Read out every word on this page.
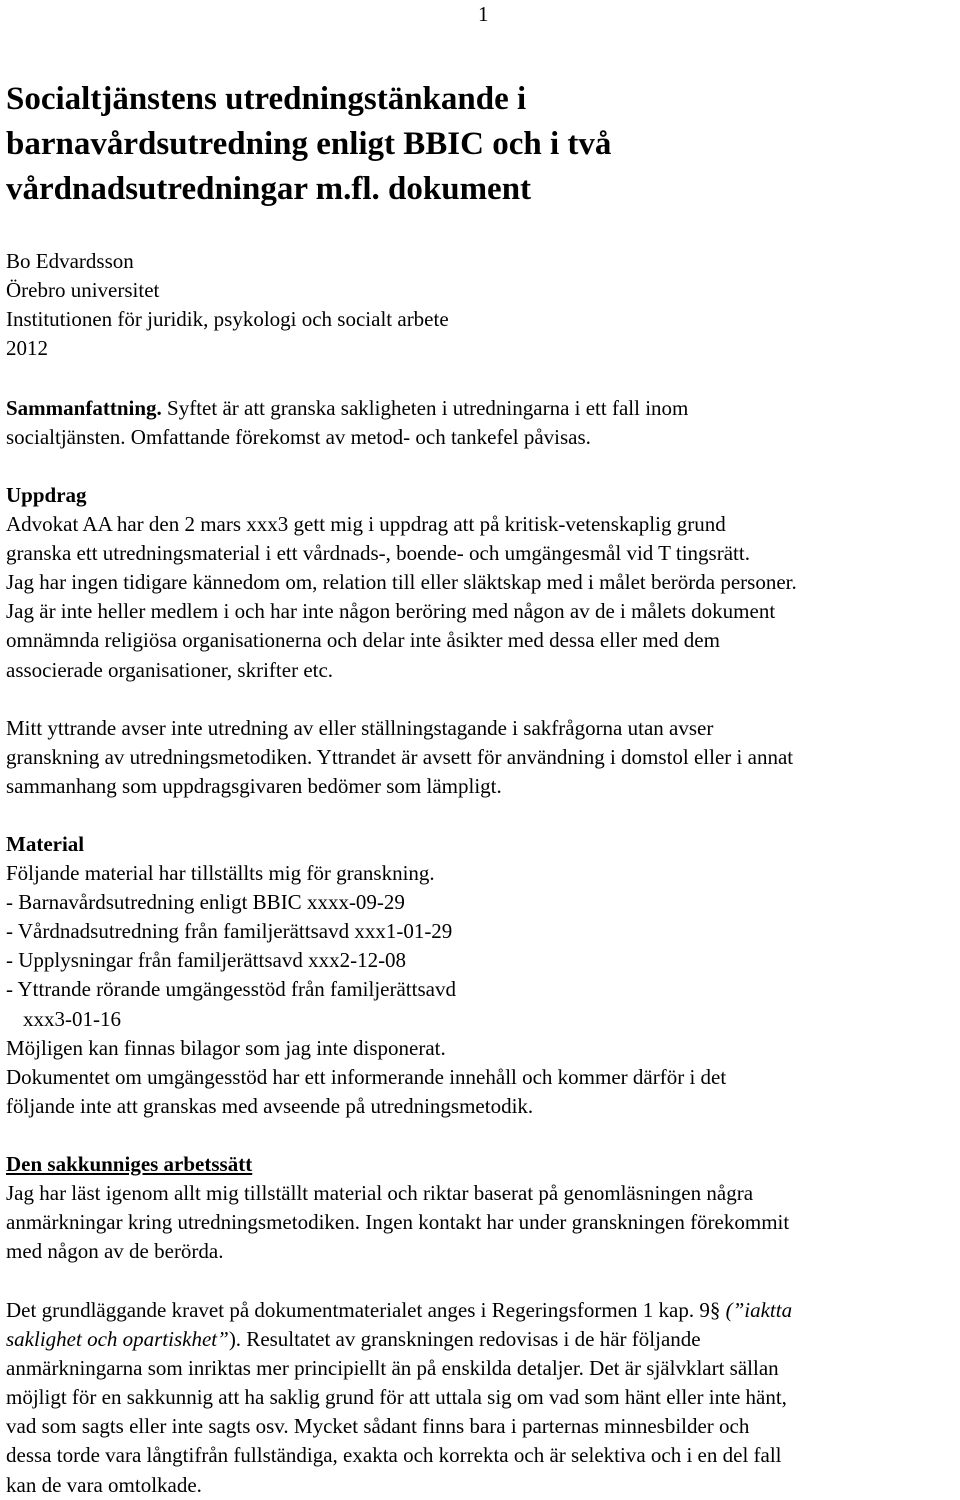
1
Socialtjänstens utredningstänkande i
barnavårdsutredning enligt BBIC och i två
vårdnadsutredningar m.fl. dokument
Bo Edvardsson
Örebro universitet
Institutionen för juridik, psykologi och socialt arbete
2012
Sammanfattning. Syftet är att granska sakligheten i utredningarna i ett fall inom
socialtjänsten. Omfattande förekomst av metod- och tankefel påvisas.
Uppdrag
Advokat AA har den 2 mars xxx3 gett mig i uppdrag att på kritisk-vetenskaplig grund
granska ett utredningsmaterial i ett vårdnads-, boende- och umgängesmål vid T tingsrätt.
Jag har ingen tidigare kännedom om, relation till eller släktskap med i målet berörda personer.
Jag är inte heller medlem i och har inte någon beröring med någon av de i målets dokument
omnämnda religiösa organisationerna och delar inte åsikter med dessa eller med dem
associerade organisationer, skrifter etc.
Mitt yttrande avser inte utredning av eller ställningstagande i sakfrågorna utan avser
granskning av utredningsmetodiken. Yttrandet är avsett för användning i domstol eller i annat
sammanhang som uppdragsgivaren bedömer som lämpligt.
Material
Följande material har tillställts mig för granskning.
- Barnavårdsutredning enligt BBIC xxxx-09-29
- Vårdnadsutredning från familjerättsavd xxx1-01-29
- Upplysningar från familjerättsavd xxx2-12-08
- Yttrande rörande umgängesstöd från familjerättsavd
xxx3-01-16
Möjligen kan finnas bilagor som jag inte disponerat.
Dokumentet om umgängesstöd har ett informerande innehåll och kommer därför i det
följande inte att granskas med avseende på utredningsmetodik.
Den sakkunniges arbetssätt
Jag har läst igenom allt mig tillställt material och riktar baserat på genomläsningen några
anmärkningar kring utredningsmetodiken. Ingen kontakt har under granskningen förekommit
med någon av de berörda.
Det grundläggande kravet på dokumentmaterialet anges i Regeringsformen 1 kap. 9§ (”iaktta
saklighet och opartiskhet”). Resultatet av granskningen redovisas i de här följande
anmärkningarna som inriktas mer principiellt än på enskilda detaljer. Det är självklart sällan
möjligt för en sakkunnig att ha saklig grund för att uttala sig om vad som hänt eller inte hänt,
vad som sagts eller inte sagts osv. Mycket sådant finns bara i parternas minnesbilder och
dessa torde vara långtifrån fullständiga, exakta och korrekta och är selektiva och i en del fall
kan de vara omtolkade.
